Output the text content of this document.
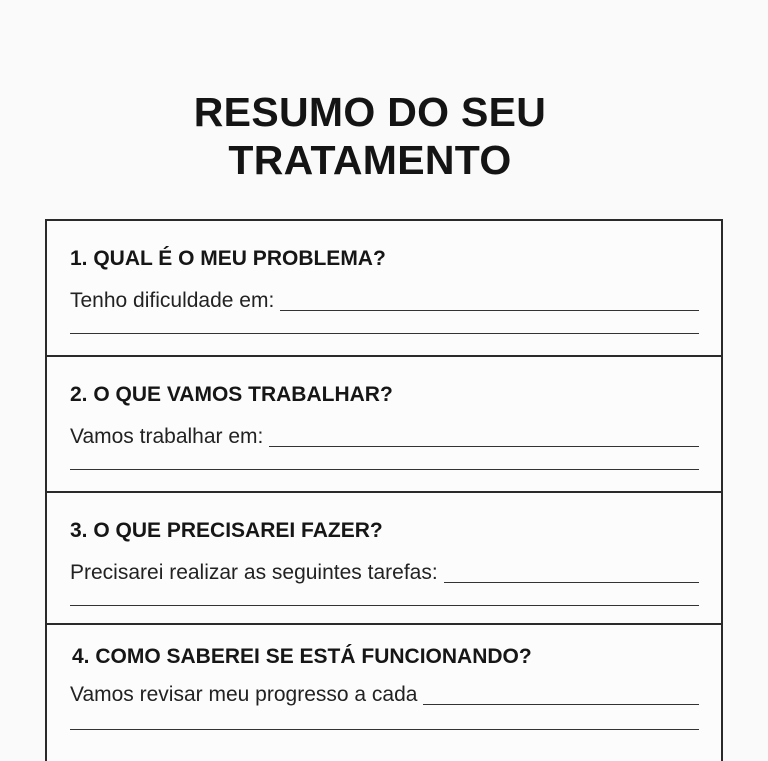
RESUMO DO SEU
TRATAMENTO
1. QUAL É O MEU PROBLEMA?
Tenho dificuldade em:
2. O QUE VAMOS TRABALHAR?
Vamos trabalhar em:
3. O QUE PRECISAREI FAZER?
Precisarei realizar as seguintes tarefas:
4. COMO SABEREI SE ESTÁ FUNCIONANDO?
Vamos revisar meu progresso a cada
